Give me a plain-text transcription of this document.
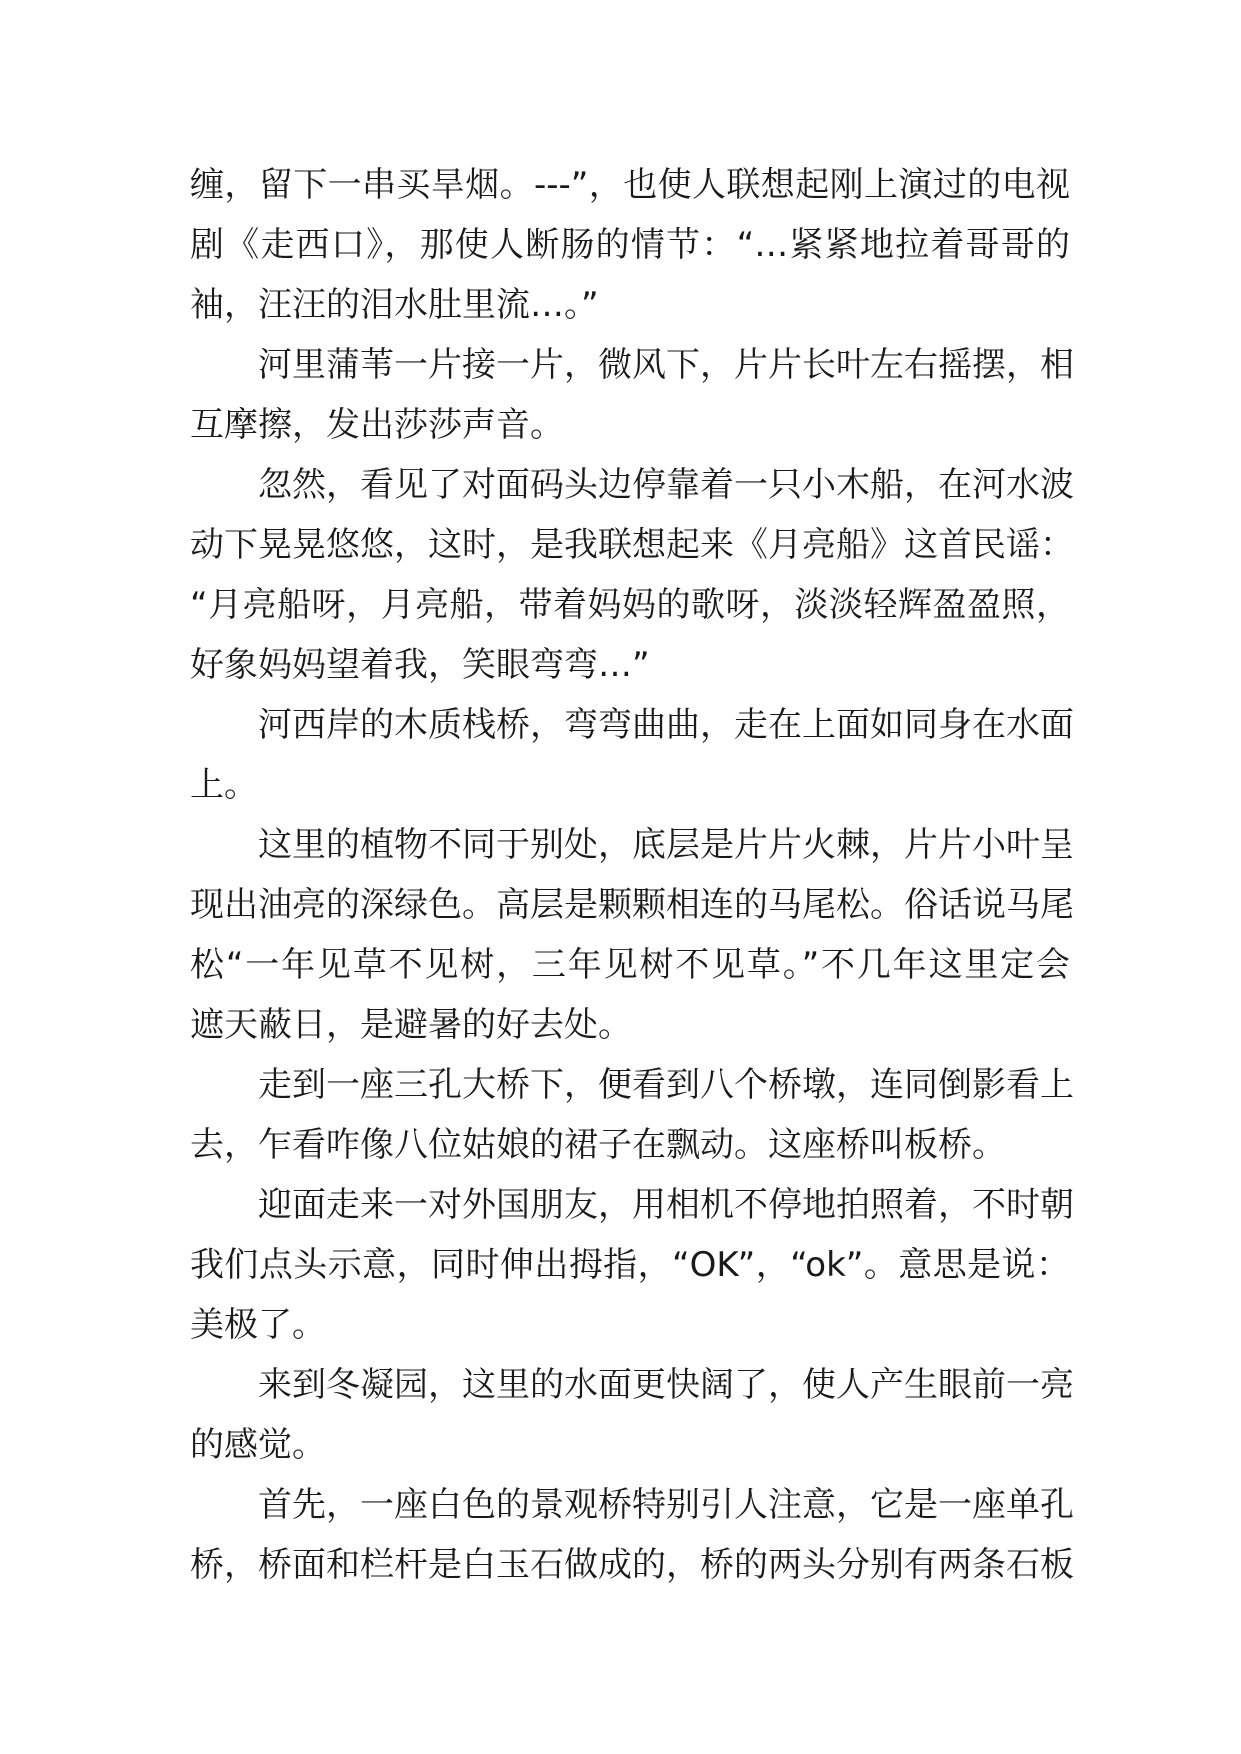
缠，留下一串买旱烟。---”，也使人联想起刚上演过的电视
剧《走西口》，那使人断肠的情节：“…紧紧地拉着哥哥的
袖，汪汪的泪水肚里流…。”
河里蒲苇一片接一片，微风下，片片长叶左右摇摆，相
互摩擦，发出莎莎声音。
忽然，看见了对面码头边停靠着一只小木船，在河水波
动下晃晃悠悠，这时，是我联想起来《月亮船》这首民谣：
“月亮船呀，月亮船，带着妈妈的歌呀，淡淡轻辉盈盈照，
好象妈妈望着我，笑眼弯弯…”
河西岸的木质栈桥，弯弯曲曲，走在上面如同身在水面
上。
这里的植物不同于别处，底层是片片火棘，片片小叶呈
现出油亮的深绿色。高层是颗颗相连的马尾松。俗话说马尾
松“一年见草不见树，三年见树不见草。”不几年这里定会
遮天蔽日，是避暑的好去处。
走到一座三孔大桥下，便看到八个桥墩，连同倒影看上
去，乍看咋像八位姑娘的裙子在飘动。这座桥叫板桥。
迎面走来一对外国朋友，用相机不停地拍照着，不时朝
我们点头示意，同时伸出拇指，“OK”，“ok”。意思是说：
美极了。
来到冬凝园，这里的水面更快阔了，使人产生眼前一亮
的感觉。
首先，一座白色的景观桥特别引人注意，它是一座单孔
桥，桥面和栏杆是白玉石做成的，桥的两头分别有两条石板
